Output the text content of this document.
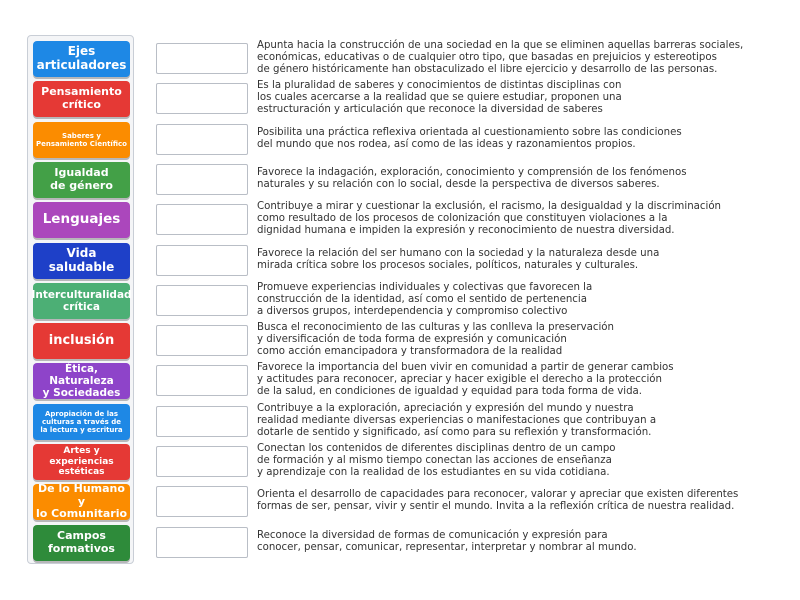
Ejes
articuladores
Pensamiento
crítico
Saberes y
Pensamiento Científico
Igualdad
de género
Lenguajes
Vida saludable
Interculturalidad
crítica
inclusión
Ética, Naturaleza
y Sociedades
Apropiación de las
culturas a través de
la lectura y escritura
Artes y experiencias
estéticas
De lo Humano y
lo Comunitario
Campos
formativos
Apunta hacia la construcción de una sociedad en la que se eliminen aquellas barreras sociales,
económicas, educativas o de cualquier otro tipo, que basadas en prejuicios y estereotipos
de género históricamente han obstaculizado el libre ejercicio y desarrollo de las personas.
Es la pluralidad de saberes y conocimientos de distintas disciplinas con
los cuales acercarse a la realidad que se quiere estudiar, proponen una
estructuración y articulación que reconoce la diversidad de saberes
Posibilita una práctica reflexiva orientada al cuestionamiento sobre las condiciones
del mundo que nos rodea, así como de las ideas y razonamientos propios.
Favorece la indagación, exploración, conocimiento y comprensión de los fenómenos
naturales y su relación con lo social, desde la perspectiva de diversos saberes.
Contribuye a mirar y cuestionar la exclusión, el racismo, la desigualdad y la discriminación
como resultado de los procesos de colonización que constituyen violaciones a la
dignidad humana e impiden la expresión y reconocimiento de nuestra diversidad.
Favorece la relación del ser humano con la sociedad y la naturaleza desde una
mirada crítica sobre los procesos sociales, políticos, naturales y culturales.
Promueve experiencias individuales y colectivas que favorecen la
construcción de la identidad, así como el sentido de pertenencia
a diversos grupos, interdependencia y compromiso colectivo
Busca el reconocimiento de las culturas y las conlleva la preservación
y diversificación de toda forma de expresión y comunicación
como acción emancipadora y transformadora de la realidad
Favorece la importancia del buen vivir en comunidad a partir de generar cambios
y actitudes para reconocer, apreciar y hacer exigible el derecho a la protección
de la salud, en condiciones de igualdad y equidad para toda forma de vida.
Contribuye a la exploración, apreciación y expresión del mundo y nuestra
realidad mediante diversas experiencias o manifestaciones que contribuyan a
dotarle de sentido y significado, así como para su reflexión y transformación.
Conectan los contenidos de diferentes disciplinas dentro de un campo
de formación y al mismo tiempo conectan las acciones de enseñanza
y aprendizaje con la realidad de los estudiantes en su vida cotidiana.
Orienta el desarrollo de capacidades para reconocer, valorar y apreciar que existen diferentes
formas de ser, pensar, vivir y sentir el mundo. Invita a la reflexión crítica de nuestra realidad.
Reconoce la diversidad de formas de comunicación y expresión para
conocer, pensar, comunicar, representar, interpretar y nombrar al mundo.
